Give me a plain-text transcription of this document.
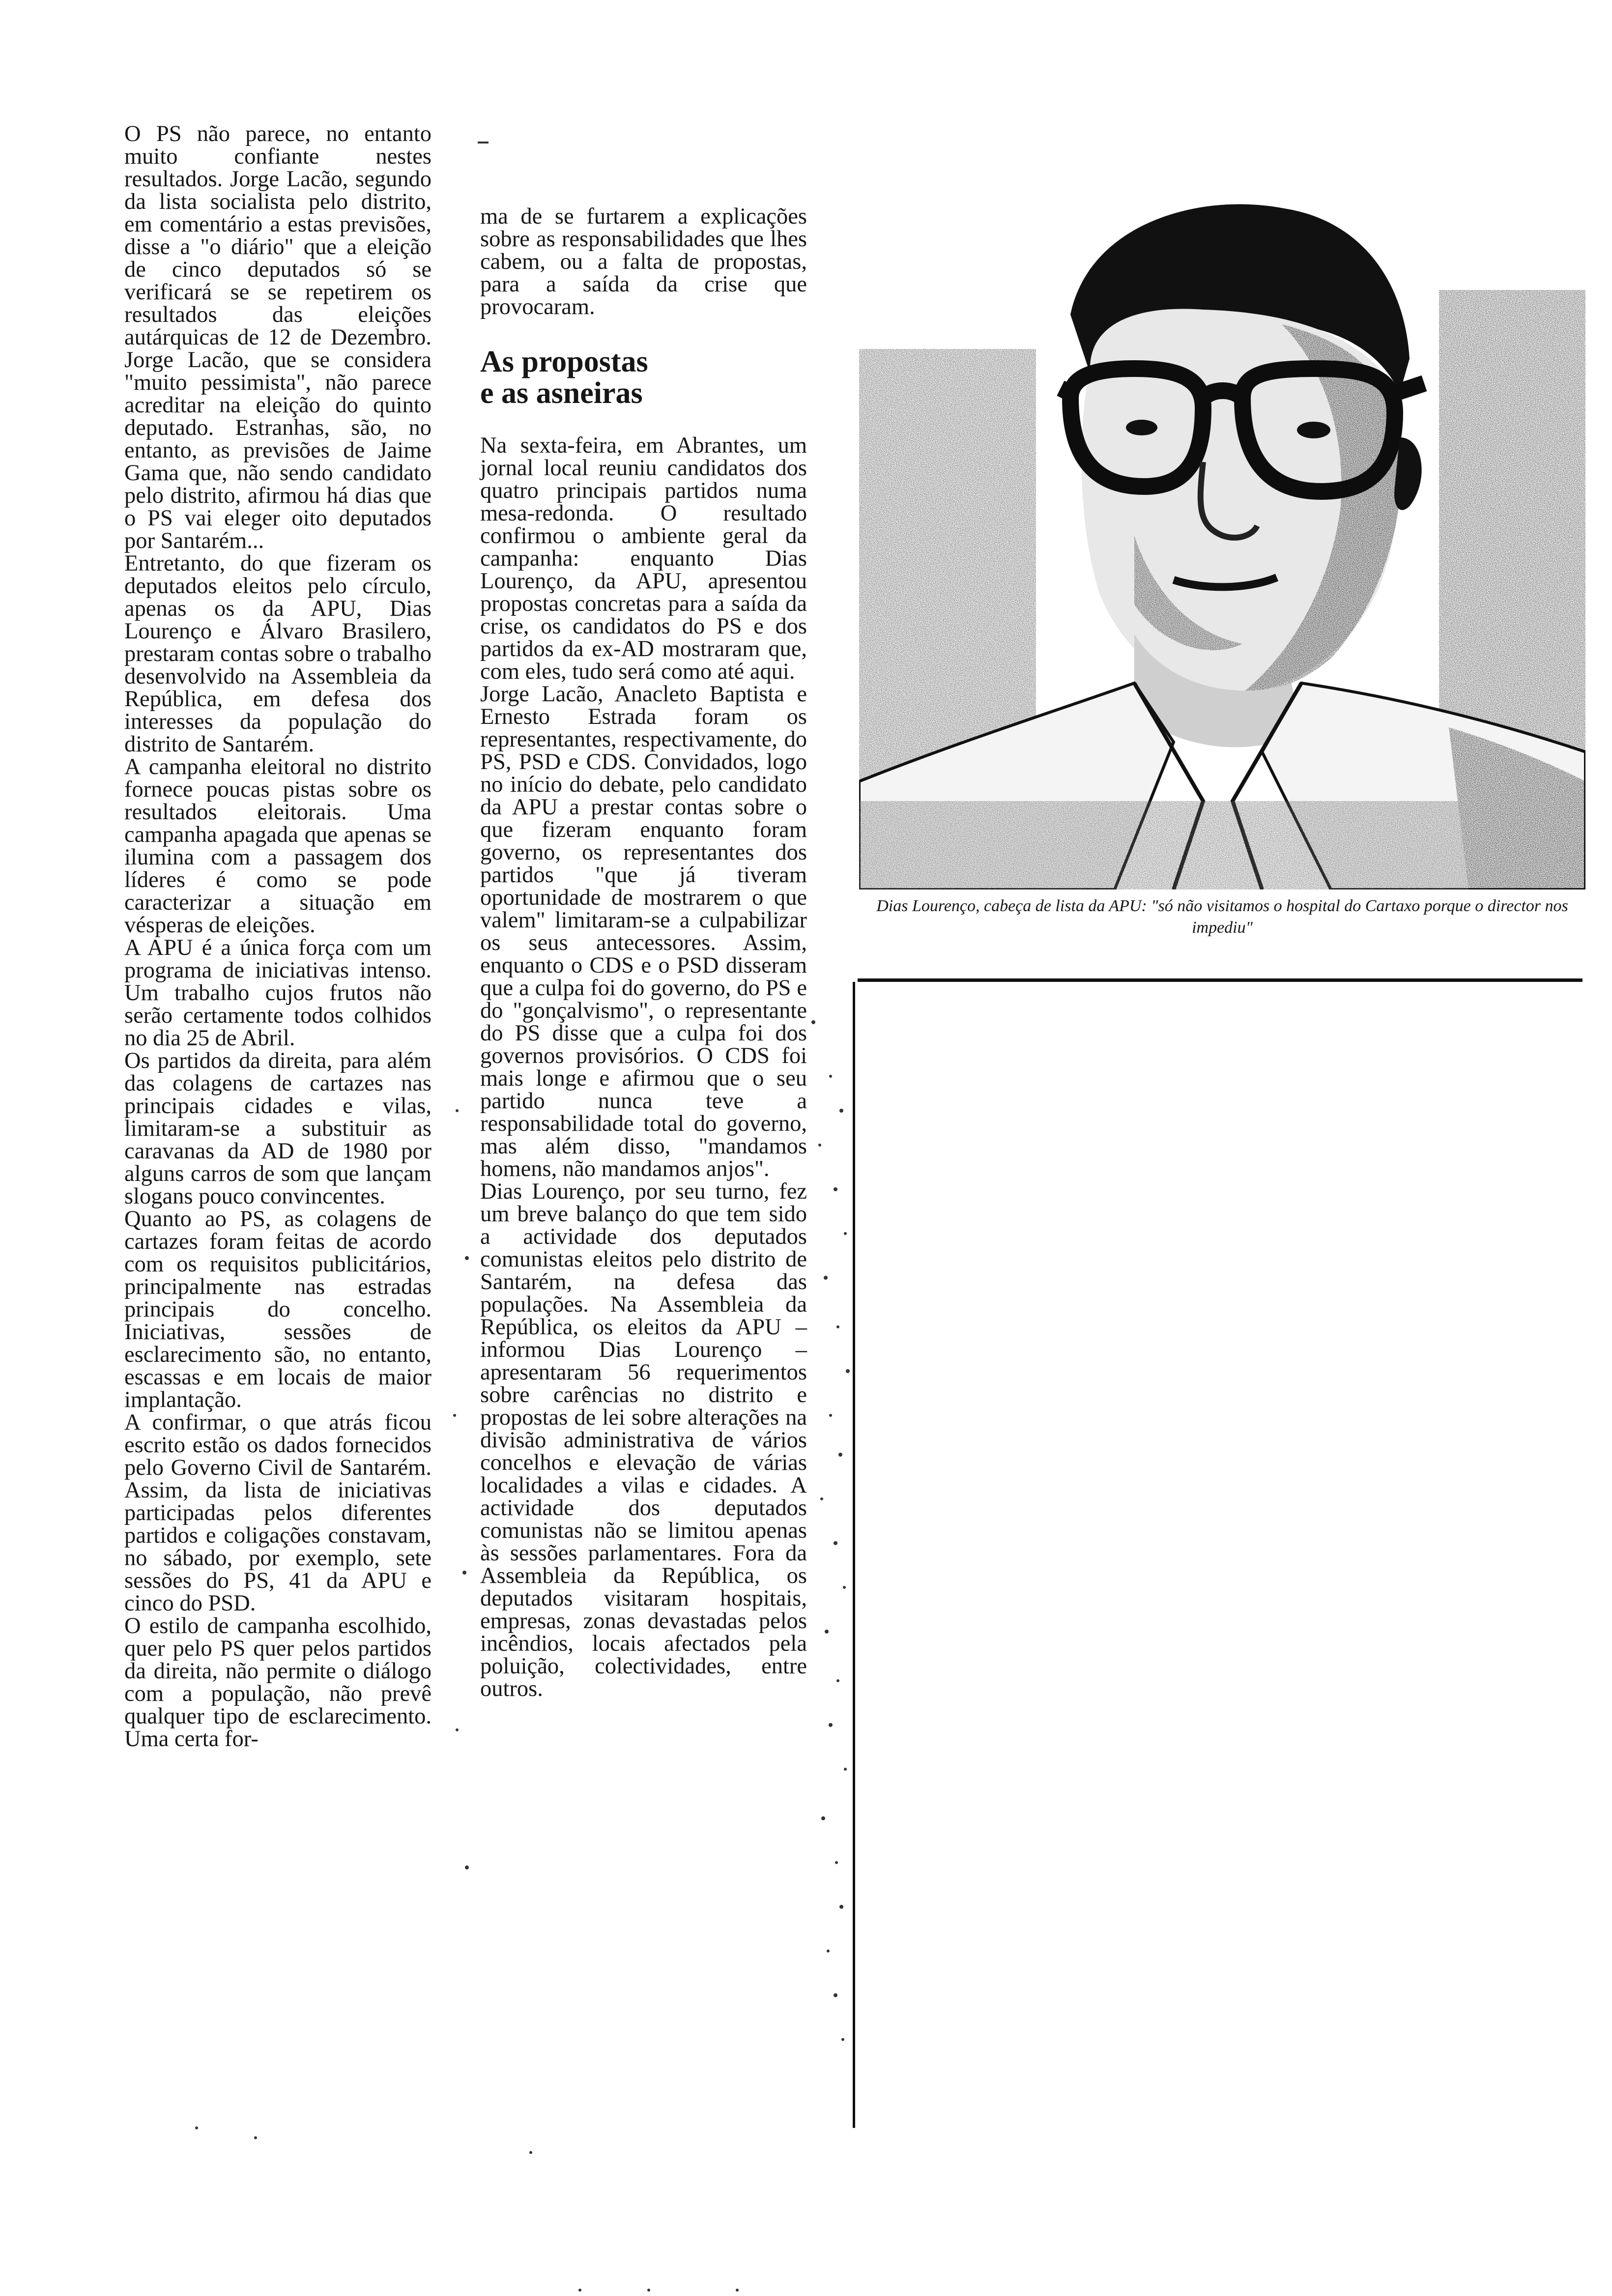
O PS não parece, no entanto muito confiante nestes resultados. Jorge Lacão, segundo da lista socialista pelo distrito, em comentário a estas previsões, disse a "o diário" que a eleição de cinco deputados só se verificará se se repetirem os resultados das eleições autárquicas de 12 de Dezembro. Jorge Lacão, que se considera "muito pessimista", não parece acreditar na eleição do quinto deputado. Estranhas, são, no entanto, as previsões de Jaime Gama que, não sendo candidato pelo distrito, afirmou há dias que o PS vai eleger oito deputados por Santarém...

Entretanto, do que fizeram os deputados eleitos pelo círculo, apenas os da APU, Dias Lourenço e Álvaro Brasilero, prestaram contas sobre o trabalho desenvolvido na Assembleia da República, em defesa dos interesses da população do distrito de Santarém.

A campanha eleitoral no distrito fornece poucas pistas sobre os resultados eleitorais. Uma campanha apagada que apenas se ilumina com a passagem dos líderes é como se pode caracterizar a situação em vésperas de eleições.

A APU é a única força com um programa de iniciativas intenso. Um trabalho cujos frutos não serão certamente todos colhidos no dia 25 de Abril.

Os partidos da direita, para além das colagens de cartazes nas principais cidades e vilas, limitaram-se a substituir as caravanas da AD de 1980 por alguns carros de som que lançam slogans pouco convincentes.

Quanto ao PS, as colagens de cartazes foram feitas de acordo com os requisitos publicitários, principalmente nas estradas principais do concelho. Iniciativas, sessões de esclarecimento são, no entanto, escassas e em locais de maior implantação.

A confirmar, o que atrás ficou escrito estão os dados fornecidos pelo Governo Civil de Santarém. Assim, da lista de iniciativas participadas pelos diferentes partidos e coligações constavam, no sábado, por exemplo, sete sessões do PS, 41 da APU e cinco do PSD.

O estilo de campanha escolhido, quer pelo PS quer pelos partidos da direita, não permite o diálogo com a população, não prevê qualquer tipo de esclarecimento. Uma certa for-

ma de se furtarem a explicações sobre as responsabilidades que lhes cabem, ou a falta de propostas, para a saída da crise que provocaram.

As propostas
e as asneiras

Na sexta-feira, em Abrantes, um jornal local reuniu candidatos dos quatro principais partidos numa mesa-redonda. O resultado confirmou o ambiente geral da campanha: enquanto Dias Lourenço, da APU, apresentou propostas concretas para a saída da crise, os candidatos do PS e dos partidos da ex-AD mostraram que, com eles, tudo será como até aqui.

Jorge Lacão, Anacleto Baptista e Ernesto Estrada foram os representantes, respectivamente, do PS, PSD e CDS. Convidados, logo no início do debate, pelo candidato da APU a prestar contas sobre o que fizeram enquanto foram governo, os representantes dos partidos "que já tiveram oportunidade de mostrarem o que valem" limitaram-se a culpabilizar os seus antecessores. Assim, enquanto o CDS e o PSD disseram que a culpa foi do governo, do PS e do "gonçalvismo", o representante do PS disse que a culpa foi dos governos provisórios. O CDS foi mais longe e afirmou que o seu partido nunca teve a responsabilidade total do governo, mas além disso, "mandamos homens, não mandamos anjos".

Dias Lourenço, por seu turno, fez um breve balanço do que tem sido a actividade dos deputados comunistas eleitos pelo distrito de Santarém, na defesa das populações. Na Assembleia da República, os eleitos da APU – informou Dias Lourenço – apresentaram 56 requerimentos sobre carências no distrito e propostas de lei sobre alterações na divisão administrativa de vários concelhos e elevação de várias localidades a vilas e cidades. A actividade dos deputados comunistas não se limitou apenas às sessões parlamentares. Fora da Assembleia da República, os deputados visitaram hospitais, empresas, zonas devastadas pelos incêndios, locais afectados pela poluição, colectividades, entre outros.

Dias Lourenço, cabeça de lista da APU: "só não visitamos o hospital do Cartaxo porque o director nos impediu"
